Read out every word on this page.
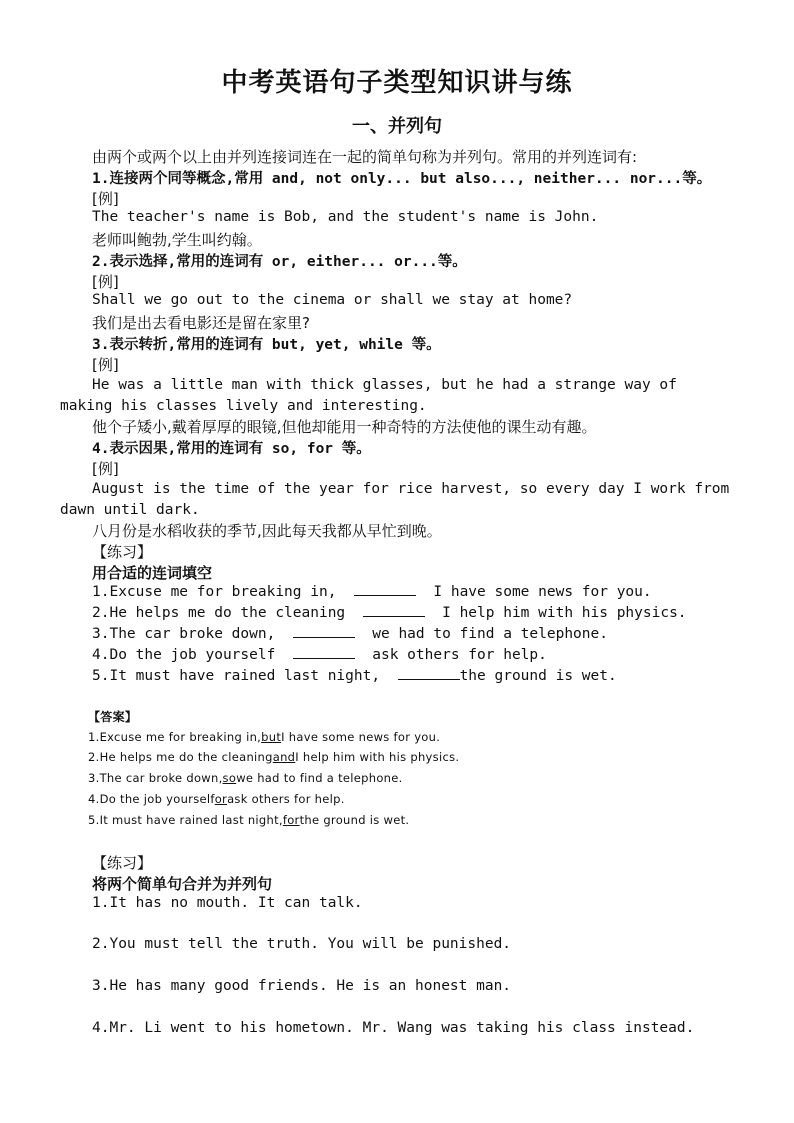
中考英语句子类型知识讲与练
一、并列句
由两个或两个以上由并列连接词连在一起的简单句称为并列句。常用的并列连词有:
1.连接两个同等概念,常用 and, not only... but also..., neither... nor...等。
[例]
The teacher's name is Bob, and the student's name is John.
老师叫鲍勃,学生叫约翰。
2.表示选择,常用的连词有 or, either... or...等。
[例]
Shall we go out to the cinema or shall we stay at home?
我们是出去看电影还是留在家里?
3.表示转折,常用的连词有 but, yet, while 等。
[例]
He was a little man with thick glasses, but he had a strange way of making his classes lively and interesting.
他个子矮小,戴着厚厚的眼镜,但他却能用一种奇特的方法使他的课生动有趣。
4.表示因果,常用的连词有 so, for 等。
[例]
August is the time of the year for rice harvest, so every day I work from dawn until dark.
八月份是水稻收获的季节,因此每天我都从早忙到晚。
【练习】
用合适的连词填空
1.Excuse me for breaking in,	I have some news for you.
2.He helps me do the cleaning	I help him with his physics.
3.The car broke down,	we had to find a telephone.
4.Do the job yourself	ask others for help.
5.It must have rained last night,	the ground is wet.
【答案】
1.Excuse me for breaking in,butI have some news for you.
2.He helps me do the cleaningandI help him with his physics.
3.The car broke down,sowe had to find a telephone.
4.Do the job yourselforask others for help.
5.It must have rained last night,forthe ground is wet.
【练习】
将两个简单句合并为并列句
1.It has no mouth. It can talk.
2.You must tell the truth. You will be punished.
3.He has many good friends. He is an honest man.
4.Mr. Li went to his hometown. Mr. Wang was taking his class instead.
